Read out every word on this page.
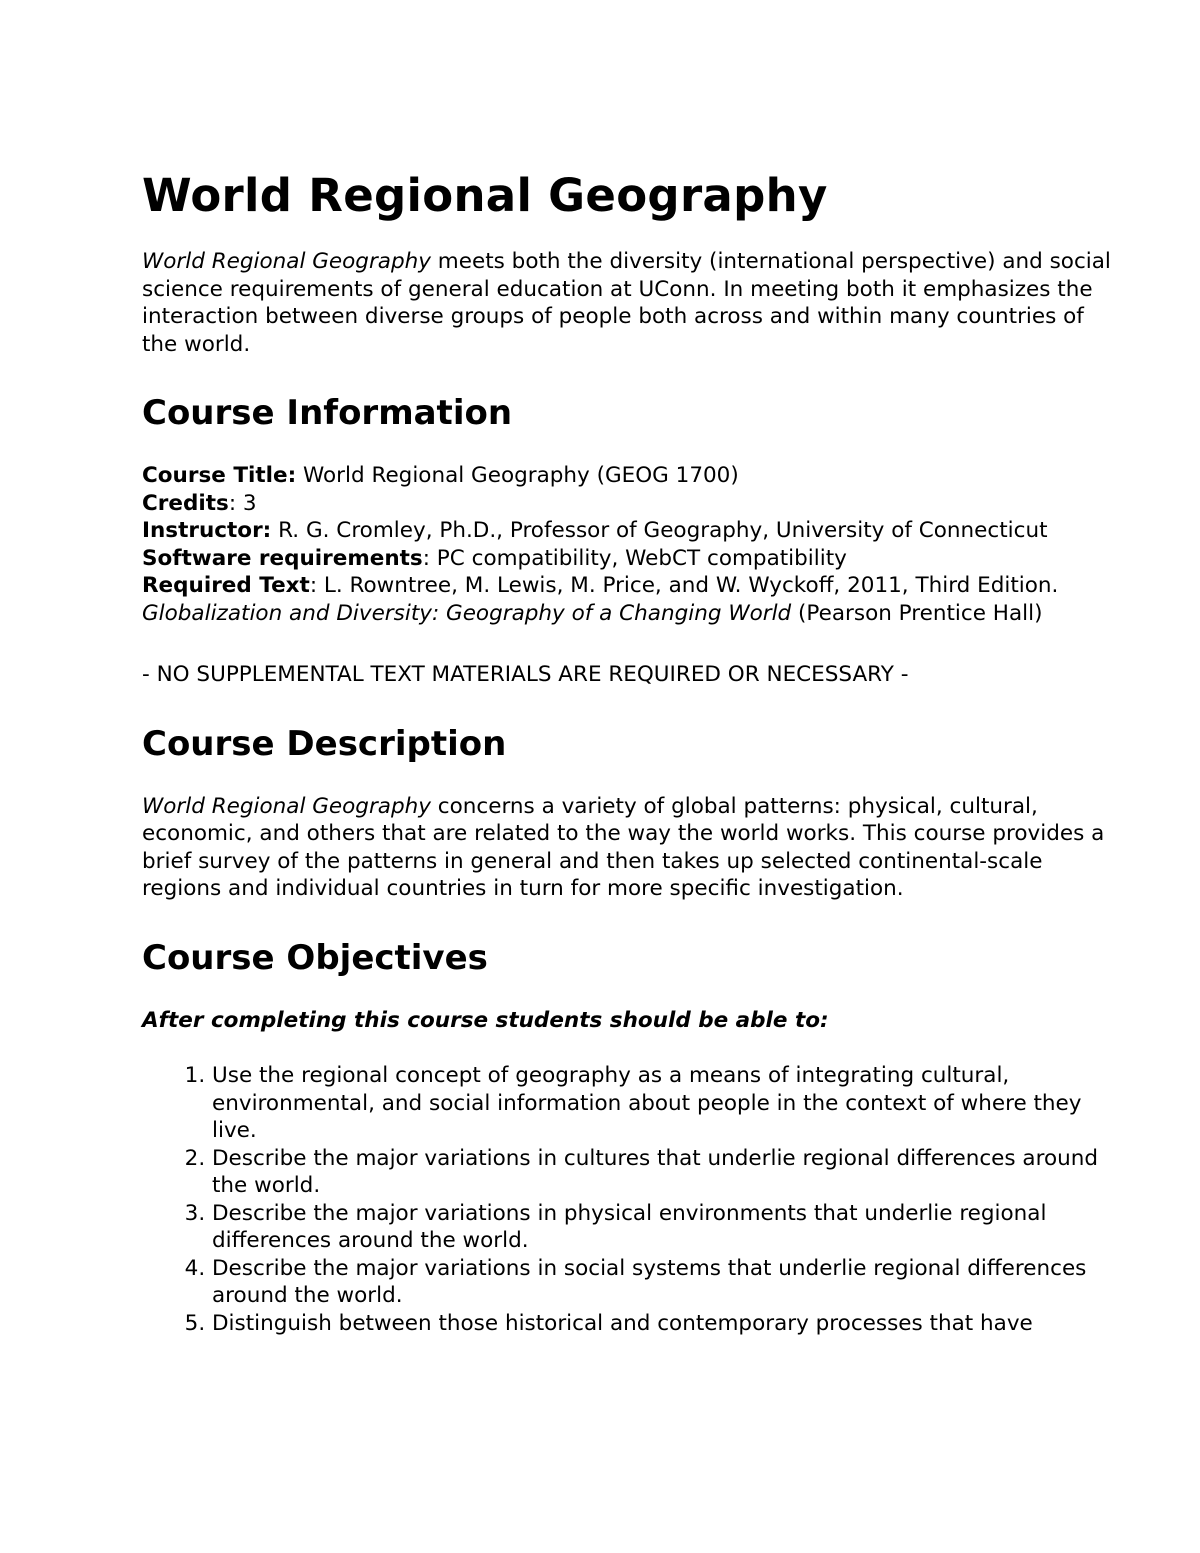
World Regional Geography

World Regional Geography meets both the diversity (international perspective) and social science requirements of general education at UConn. In meeting both it emphasizes the interaction between diverse groups of people both across and within many countries of the world.

Course Information
Course Title: World Regional Geography (GEOG 1700)
Credits: 3
Instructor: R. G. Cromley, Ph.D., Professor of Geography, University of Connecticut
Software requirements: PC compatibility, WebCT compatibility
Required Text: L. Rowntree, M. Lewis, M. Price, and W. Wyckoff, 2011, Third Edition. Globalization and Diversity: Geography of a Changing World (Pearson Prentice Hall)
- NO SUPPLEMENTAL TEXT MATERIALS ARE REQUIRED OR NECESSARY -
Course Description

World Regional Geography concerns a variety of global patterns: physical, cultural, economic, and others that are related to the way the world works. This course provides a brief survey of the patterns in general and then takes up selected continental-scale regions and individual countries in turn for more specific investigation.

Course Objectives
After completing this course students should be able to:
1. Use the regional concept of geography as a means of integrating cultural, environmental, and social information about people in the context of where they live.
2. Describe the major variations in cultures that underlie regional differences around the world.
3. Describe the major variations in physical environments that underlie regional differences around the world.
4. Describe the major variations in social systems that underlie regional differences around the world.
5. Distinguish between those historical and contemporary processes that have
